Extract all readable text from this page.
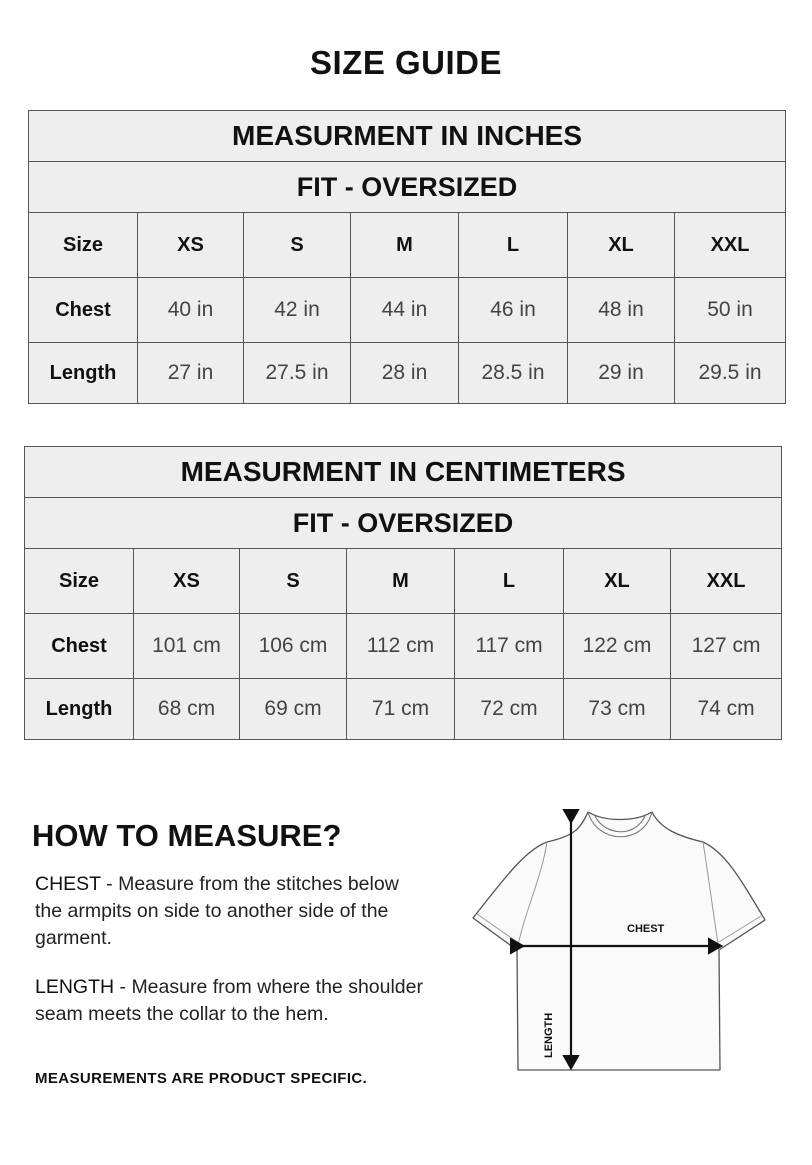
SIZE GUIDE
MEASURMENT IN INCHES						
FIT - OVERSIZED						
Size	XS	S	M	L	XL	XXL
Chest	40 in	42 in	44 in	46 in	48 in	50 in
Length	27 in	27.5 in	28 in	28.5 in	29 in	29.5 in
MEASURMENT IN CENTIMETERS						
FIT - OVERSIZED						
Size	XS	S	M	L	XL	XXL
Chest	101 cm	106 cm	112 cm	117 cm	122 cm	127 cm
Length	68 cm	69 cm	71 cm	72 cm	73 cm	74 cm
HOW TO MEASURE?

CHEST - Measure from the stitches below the armpits on side to another side of the garment.

LENGTH - Measure from where the shoulder seam meets the collar to the hem.

MEASUREMENTS ARE PRODUCT SPECIFIC.

CHEST
LENGTH
